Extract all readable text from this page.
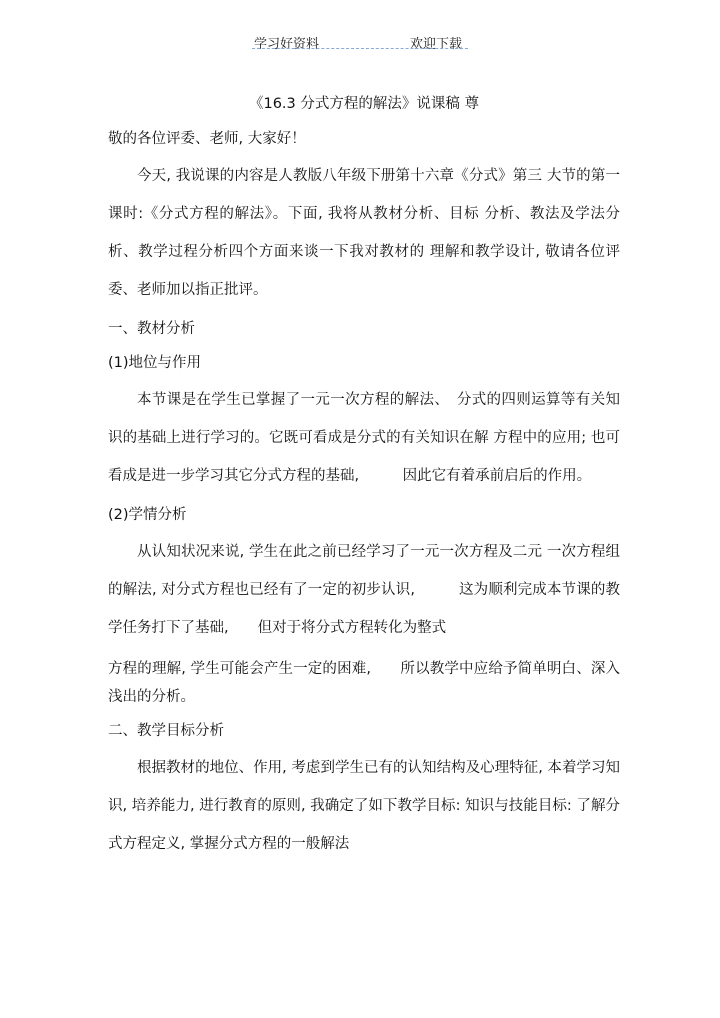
学习好资料	欢迎下载

《16.3 分式方程的解法》说课稿 尊

敬的各位评委、老师, 大家好！

今天, 我说课的内容是人教版八年级下册第十六章《分式》第三 大节的第一课时:《分式方程的解法》。下面, 我将从教材分析、目标 分析、教法及学法分析、教学过程分析四个方面来谈一下我对教材的 理解和教学设计, 敬请各位评委、老师加以指正批评。

一、教材分析

(1)地位与作用

本节课是在学生已掌握了一元一次方程的解法、　分式的四则运算等有关知识的基础上进行学习的。它既可看成是分式的有关知识在解 方程中的应用; 也可看成是进一步学习其它分式方程的基础,　　　因此它有着承前启后的作用。

(2)学情分析

从认知状况来说, 学生在此之前已经学习了一元一次方程及二元 一次方程组的解法, 对分式方程也已经有了一定的初步认识,　　　这为顺利完成本节课的教学任务打下了基础,　　但对于将分式方程转化为整式

方程的理解, 学生可能会产生一定的困难,　　所以教学中应给予简单明白、深入浅出的分析。

二、教学目标分析

根据教材的地位、作用, 考虑到学生已有的认知结构及心理特征, 本着学习知识, 培养能力, 进行教育的原则, 我确定了如下教学目标: 知识与技能目标: 了解分式方程定义, 掌握分式方程的一般解法
